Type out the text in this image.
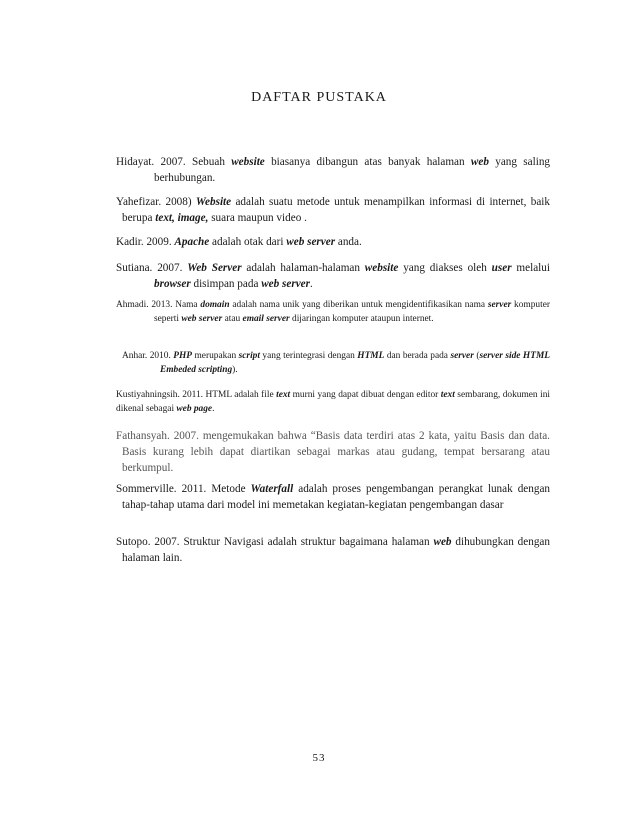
DAFTAR PUSTAKA

Hidayat. 2007. Sebuah website biasanya dibangun atas banyak halaman web yang saling berhubungan.

Yahefizar. 2008) Website adalah suatu metode untuk menampilkan informasi di internet, baik berupa text, image, suara maupun video .

Kadir. 2009. Apache adalah otak dari web server anda.

Sutiana. 2007. Web Server adalah halaman-halaman website yang diakses oleh user melalui browser disimpan pada web server.

Ahmadi. 2013. Nama domain adalah nama unik yang diberikan untuk mengidentifikasikan nama server komputer seperti web server atau email server dijaringan komputer ataupun internet.

Anhar. 2010. PHP merupakan script yang terintegrasi dengan HTML dan berada pada server (server side HTML Embeded scripting).

Kustiyahningsih. 2011. HTML adalah file text murni yang dapat dibuat dengan editor text sembarang, dokumen ini dikenal sebagai web page.

Fathansyah. 2007. mengemukakan bahwa “Basis data terdiri atas 2 kata, yaitu Basis dan data. Basis kurang lebih dapat diartikan sebagai markas atau gudang, tempat bersarang atau berkumpul.

Sommerville. 2011. Metode Waterfall adalah proses pengembangan perangkat lunak dengan tahap-tahap utama dari model ini memetakan kegiatan-kegiatan pengembangan dasar

Sutopo. 2007. Struktur Navigasi adalah struktur bagaimana halaman web dihubungkan dengan halaman lain.

53
